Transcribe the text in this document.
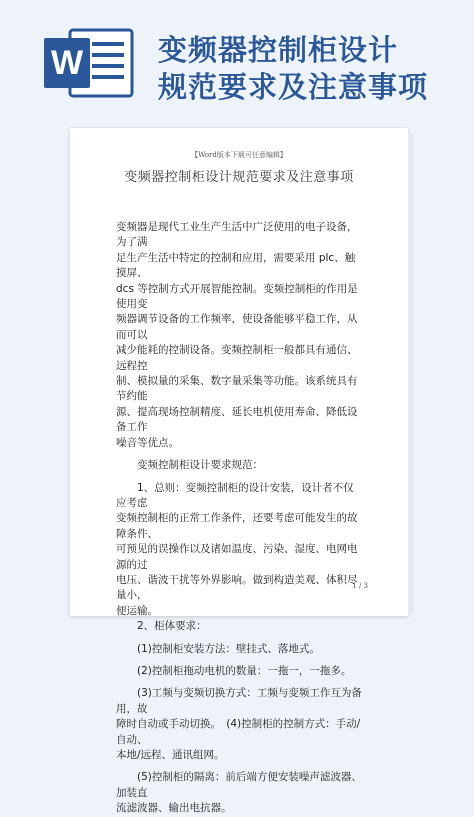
W	变频器控制柜设计
规范要求及注意事项
【Word版本下载可任意编辑】
变频器控制柜设计规范要求及注意事项

变频器是现代工业生产生活中广泛使用的电子设备，为了满

足生产生活中特定的控制和应用，需要采用 plc、触摸屏、

dcs 等控制方式开展智能控制。变频控制柜的作用是使用变

频器调节设备的工作频率，使设备能够平稳工作，从而可以

减少能耗的控制设备。变频控制柜一般都具有通信、远程控

制、模拟量的采集、数字量采集等功能。该系统具有节约能

源、提高现场控制精度、延长电机使用寿命、降低设备工作

噪音等优点。

　　变频控制柜设计要求规范：

　　1、总则：变频控制柜的设计安装，设计者不仅应考虑

变频控制柜的正常工作条件，还要考虑可能发生的故障条件、

可预见的误操作以及诸如温度、污染、湿度、电网电源的过

电压、谐波干扰等外界影响。做到构造美观、体积尽量小，

便运输。

　　2、柜体要求：

　　(1)控制柜安装方法：壁挂式、落地式。

　　(2)控制柜拖动电机的数量：一拖一，一拖多。

　　(3)工频与变频切换方式：工频与变频工作互为备用，故

障时自动或手动切换。　(4)控制柜的控制方式：手动/自动、

本地/远程、通讯组网。

　　(5)控制柜的隔离：前后端方便安装噪声滤波器、加装直

流滤波器、输出电抗器。

1 / 3
